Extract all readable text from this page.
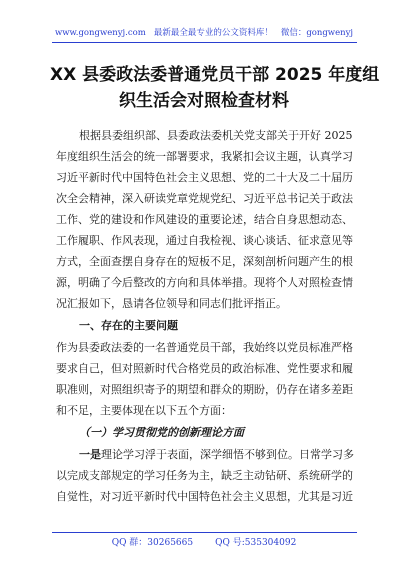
www.gongwenyj.com 最新最全最专业的公文资料库！ 微信：gongwenyj
XX 县委政法委普通党员干部 2025 年度组
织生活会对照检查材料
根据县委组织部、县委政法委机关党支部关于开好 2025
年度组织生活会的统一部署要求，我紧扣会议主题，认真学习
习近平新时代中国特色社会主义思想、党的二十大及二十届历
次全会精神，深入研读党章党规党纪、习近平总书记关于政法
工作、党的建设和作风建设的重要论述，结合自身思想动态、
工作履职、作风表现，通过自我检视、谈心谈话、征求意见等
方式，全面查摆自身存在的短板不足，深刻剖析问题产生的根
源，明确了今后整改的方向和具体举措。现将个人对照检查情
况汇报如下，恳请各位领导和同志们批评指正。
一、存在的主要问题
作为县委政法委的一名普通党员干部，我始终以党员标准严格
要求自己，但对照新时代合格党员的政治标准、党性要求和履
职准则，对照组织寄予的期望和群众的期盼，仍存在诸多差距
和不足，主要体现在以下五个方面：
（一）学习贯彻党的创新理论方面
一是理论学习浮于表面，深学细悟不够到位。日常学习多
以完成支部规定的学习任务为主，缺乏主动钻研、系统研学的
自觉性，对习近平新时代中国特色社会主义思想，尤其是习近
QQ 群：30265665 QQ 号:535304092
